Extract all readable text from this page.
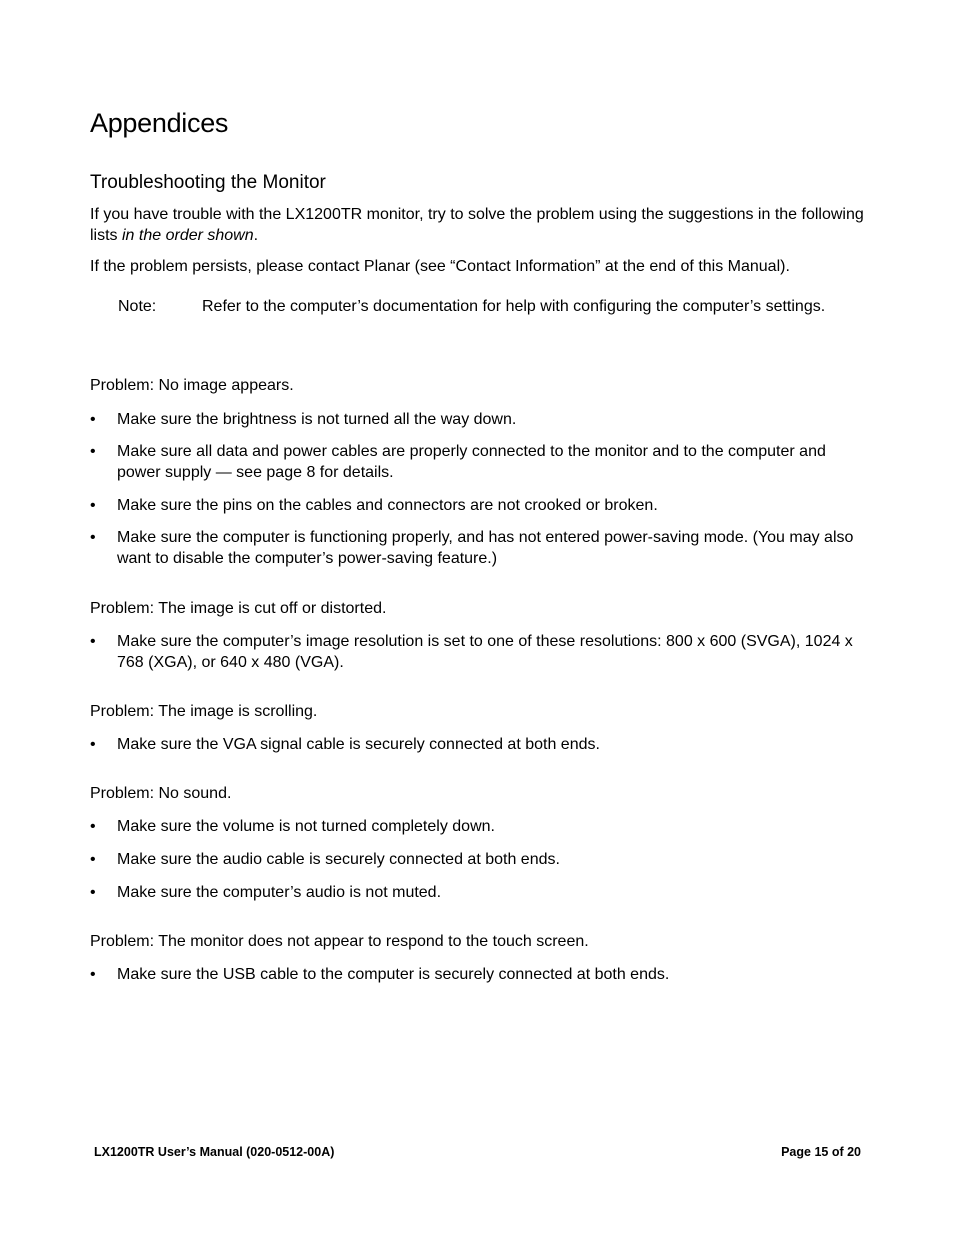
Appendices
Troubleshooting the Monitor

If you have trouble with the LX1200TR monitor, try to solve the problem using the suggestions in the following lists in the order shown.

If the problem persists, please contact Planar (see “Contact Information” at the end of this Manual).

Note:	Refer to the computer’s documentation for help with configuring the computer’s settings.
Problem: No image appears.
•	Make sure the brightness is not turned all the way down.
•	Make sure all data and power cables are properly connected to the monitor and to the computer and power supply — see page 8 for details.
•	Make sure the pins on the cables and connectors are not crooked or broken.
•	Make sure the computer is functioning properly, and has not entered power-saving mode. (You may also want to disable the computer’s power-saving feature.)
Problem: The image is cut off or distorted.
•	Make sure the computer’s image resolution is set to one of these resolutions: 800 x 600 (SVGA), 1024 x 768 (XGA), or 640 x 480 (VGA).
Problem: The image is scrolling.
•	Make sure the VGA signal cable is securely connected at both ends.
Problem: No sound.
•	Make sure the volume is not turned completely down.
•	Make sure the audio cable is securely connected at both ends.
•	Make sure the computer’s audio is not muted.
Problem: The monitor does not appear to respond to the touch screen.
•	Make sure the USB cable to the computer is securely connected at both ends.
LX1200TR User’s Manual (020-0512-00A)	Page 15 of 20
